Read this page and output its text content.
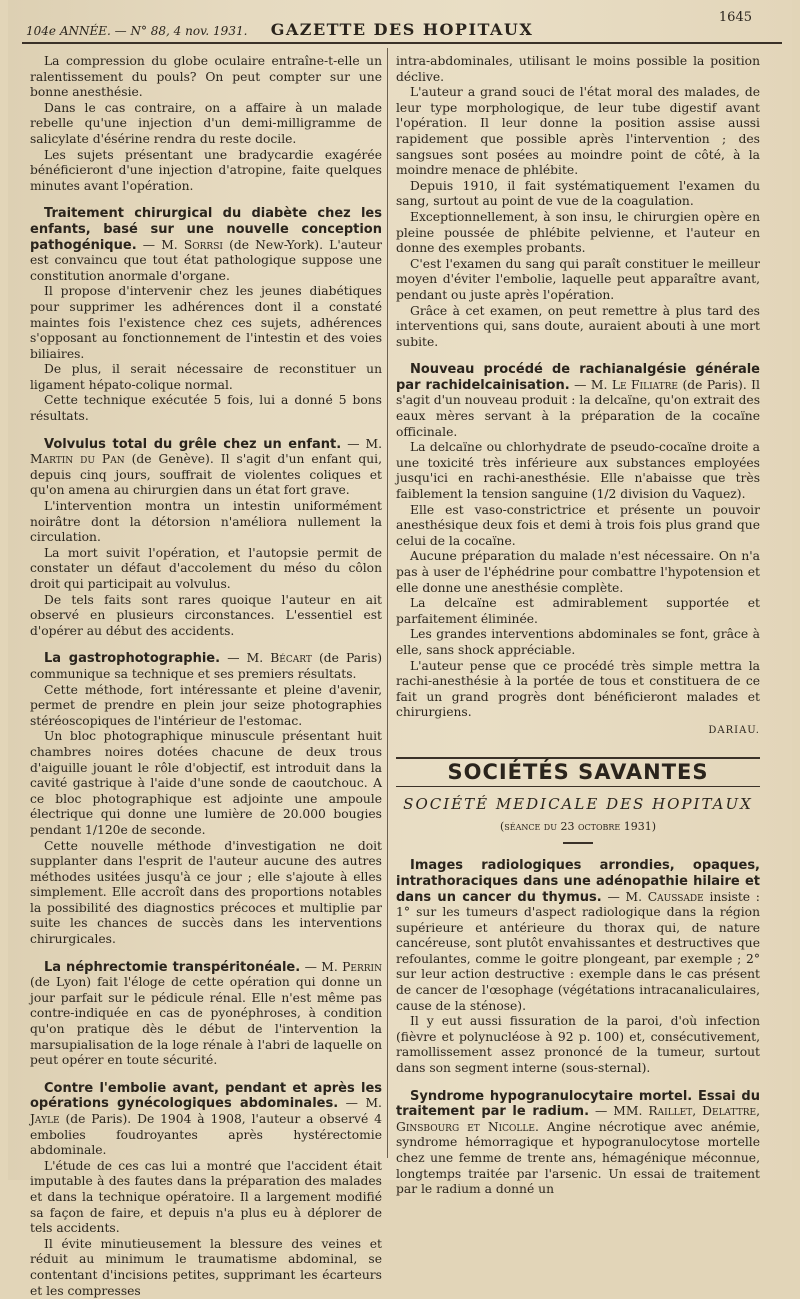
104e ANNÉE. — N° 88, 4 nov. 1931.	GAZETTE DES HOPITAUX
1645

La compression du globe oculaire entraîne-t-elle un ralentissement du pouls? On peut compter sur une bonne anesthésie.

Dans le cas contraire, on a affaire à un malade rebelle qu'une injection d'un demi-milligramme de salicylate d'ésérine rendra du reste docile.

Les sujets présentant une bradycardie exagérée bénéficieront d'une injection d'atropine, faite quelques minutes avant l'opération.

Traitement chirurgical du diabète chez les enfants, basé sur une nouvelle conception pathogénique. — M. Sorrsi (de New-York). L'auteur est convaincu que tout état pathologique suppose une constitution anormale d'organe.

Il propose d'intervenir chez les jeunes diabétiques pour supprimer les adhérences dont il a constaté maintes fois l'existence chez ces sujets, adhérences s'opposant au fonctionnement de l'intestin et des voies biliaires.

De plus, il serait nécessaire de reconstituer un ligament hépato-colique normal.

Cette technique exécutée 5 fois, lui a donné 5 bons résultats.

Volvulus total du grêle chez un enfant. — M. Martin du Pan (de Genève). Il s'agit d'un enfant qui, depuis cinq jours, souffrait de violentes coliques et qu'on amena au chirurgien dans un état fort grave.

L'intervention montra un intestin uniformément noirâtre dont la détorsion n'améliora nullement la circulation.

La mort suivit l'opération, et l'autopsie permit de constater un défaut d'accolement du méso du côlon droit qui participait au volvulus.

De tels faits sont rares quoique l'auteur en ait observé en plusieurs circonstances. L'essentiel est d'opérer au début des accidents.

La gastrophotographie. — M. Bécart (de Paris) communique sa technique et ses premiers résultats.

Cette méthode, fort intéressante et pleine d'avenir, permet de prendre en plein jour seize photographies stéréoscopiques de l'intérieur de l'estomac.

Un bloc photographique minuscule présentant huit chambres noires dotées chacune de deux trous d'aiguille jouant le rôle d'objectif, est introduit dans la cavité gastrique à l'aide d'une sonde de caoutchouc. A ce bloc photographique est adjointe une ampoule électrique qui donne une lumière de 20.000 bougies pendant 1/120e de seconde.

Cette nouvelle méthode d'investigation ne doit supplanter dans l'esprit de l'auteur aucune des autres méthodes usitées jusqu'à ce jour ; elle s'ajoute à elles simplement. Elle accroît dans des proportions notables la possibilité des diagnostics précoces et multiplie par suite les chances de succès dans les interventions chirurgicales.

La néphrectomie transpéritonéale. — M. Perrin (de Lyon) fait l'éloge de cette opération qui donne un jour parfait sur le pédicule rénal. Elle n'est même pas contre-indiquée en cas de pyonéphroses, à condition qu'on pratique dès le début de l'intervention la marsupialisation de la loge rénale à l'abri de laquelle on peut opérer en toute sécurité.

Contre l'embolie avant, pendant et après les opérations gynécologiques abdominales. — M. Jayle (de Paris). De 1904 à 1908, l'auteur a observé 4 embolies foudroyantes après hystérectomie abdominale.

L'étude de ces cas lui a montré que l'accident était imputable à des fautes dans la préparation des malades et dans la technique opératoire. Il a largement modifié sa façon de faire, et depuis n'a plus eu à déplorer de tels accidents.

Il évite minutieusement la blessure des veines et réduit au minimum le traumatisme abdominal, se contentant d'incisions petites, supprimant les écarteurs et les compresses

intra-abdominales, utilisant le moins possible la position déclive.

L'auteur a grand souci de l'état moral des malades, de leur type morphologique, de leur tube digestif avant l'opération. Il leur donne la position assise aussi rapidement que possible après l'intervention ; des sangsues sont posées au moindre point de côté, à la moindre menace de phlébite.

Depuis 1910, il fait systématiquement l'examen du sang, surtout au point de vue de la coagulation.

Exceptionnellement, à son insu, le chirurgien opère en pleine poussée de phlébite pelvienne, et l'auteur en donne des exemples probants.

C'est l'examen du sang qui paraît constituer le meilleur moyen d'éviter l'embolie, laquelle peut apparaître avant, pendant ou juste après l'opération.

Grâce à cet examen, on peut remettre à plus tard des interventions qui, sans doute, auraient abouti à une mort subite.

Nouveau procédé de rachianalgésie générale par rachidelcainisation. — M. Le Filiatre (de Paris). Il s'agit d'un nouveau produit : la delcaïne, qu'on extrait des eaux mères servant à la préparation de la cocaïne officinale.

La delcaïne ou chlorhydrate de pseudo-cocaïne droite a une toxicité très inférieure aux substances employées jusqu'ici en rachi-anesthésie. Elle n'abaisse que très faiblement la tension sanguine (1/2 division du Vaquez).

Elle est vaso-constrictrice et présente un pouvoir anesthésique deux fois et demi à trois fois plus grand que celui de la cocaïne.

Aucune préparation du malade n'est nécessaire. On n'a pas à user de l'éphédrine pour combattre l'hypotension et elle donne une anesthésie complète.

La delcaïne est admirablement supportée et parfaitement éliminée.

Les grandes interventions abdominales se font, grâce à elle, sans shock appréciable.

L'auteur pense que ce procédé très simple mettra la rachi-anesthésie à la portée de tous et constituera de ce fait un grand progrès dont bénéficieront malades et chirurgiens.

DARIAU.
SOCIÉTÉS SAVANTES
SOCIÉTÉ MEDICALE DES HOPITAUX
(séance du 23 octobre 1931)

Images radiologiques arrondies, opaques, intrathoraciques dans une adénopathie hilaire et dans un cancer du thymus. — M. Caussade insiste : 1° sur les tumeurs d'aspect radiologique dans la région supérieure et antérieure du thorax qui, de nature cancéreuse, sont plutôt envahissantes et destructives que refoulantes, comme le goitre plongeant, par exemple ; 2° sur leur action destructive : exemple dans le cas présent de cancer de l'œsophage (végétations intracanaliculaires, cause de la sténose).

Il y eut aussi fissuration de la paroi, d'où infection (fièvre et polynucléose à 92 p. 100) et, consécutivement, ramollissement assez prononcé de la tumeur, surtout dans son segment interne (sous-sternal).

Syndrome hypogranulocytaire mortel. Essai du traitement par le radium. — MM. Raillet, Delattre, Ginsbourg et Nicolle. Angine nécrotique avec anémie, syndrome hémorragique et hypogranulocytose mortelle chez une femme de trente ans, hémagénique méconnue, longtemps traitée par l'arsenic. Un essai de traitement par le radium a donné un
